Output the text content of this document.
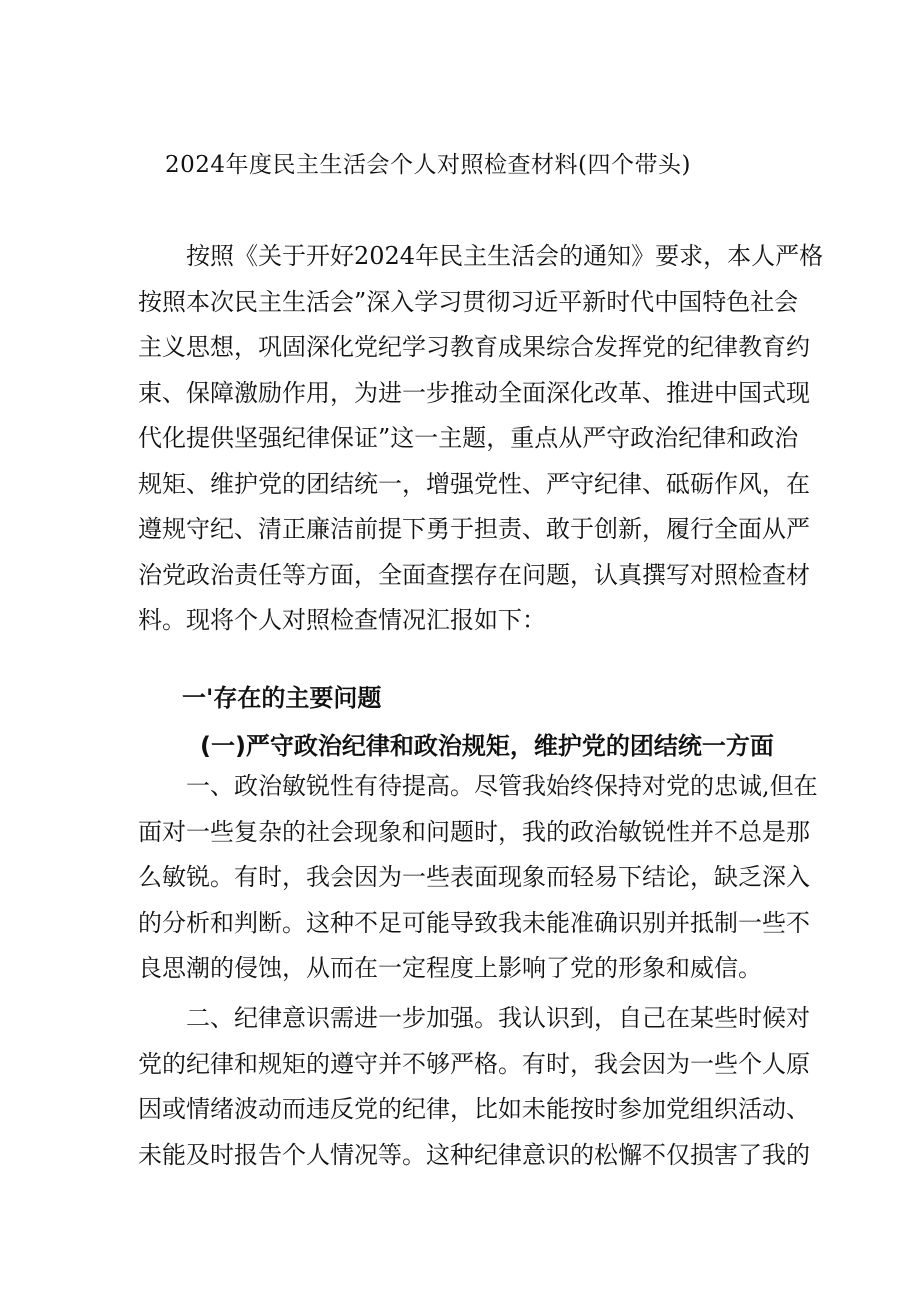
2024年度民主生活会个人对照检查材料(四个带头)

按照《关于开好2024年民主生活会的通知》要求，本人严格
按照本次民主生活会”深入学习贯彻习近平新时代中国特色社会
主义思想，巩固深化党纪学习教育成果综合发挥党的纪律教育约
束、保障激励作用，为进一步推动全面深化改革、推进中国式现
代化提供坚强纪律保证”这一主题，重点从严守政治纪律和政治
规矩、维护党的团结统一，增强党性、严守纪律、砥砺作风，在
遵规守纪、清正廉洁前提下勇于担责、敢于创新，履行全面从严
治党政治责任等方面，全面查摆存在问题，认真撰写对照检查材
料。现将个人对照检查情况汇报如下：

一'存在的主要问题
(一)严守政治纪律和政治规矩，维护党的团结统一方面

一、政治敏锐性有待提高。尽管我始终保持对党的忠诚,但在
面对一些复杂的社会现象和问题时，我的政治敏锐性并不总是那
么敏锐。有时，我会因为一些表面现象而轻易下结论，缺乏深入
的分析和判断。这种不足可能导致我未能准确识别并抵制一些不
良思潮的侵蚀，从而在一定程度上影响了党的形象和威信。

二、纪律意识需进一步加强。我认识到，自己在某些时候对
党的纪律和规矩的遵守并不够严格。有时，我会因为一些个人原
因或情绪波动而违反党的纪律，比如未能按时参加党组织活动、
未能及时报告个人情况等。这种纪律意识的松懈不仅损害了我的
